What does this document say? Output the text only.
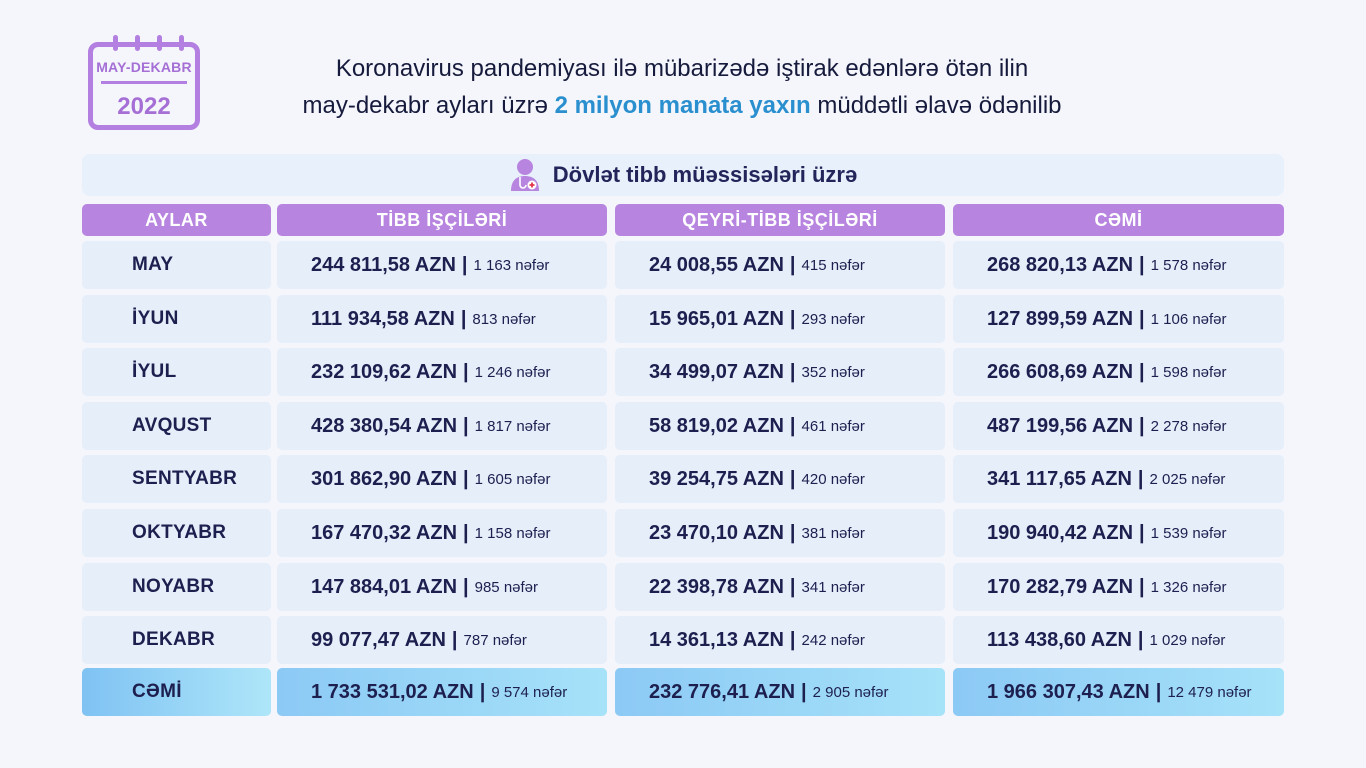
MAY-DEKABR
2022
Koronavirus pandemiyası ilə mübarizədə iştirak edənlərə ötən ilin
may-dekabr ayları üzrə 2 milyon manata yaxın müddətli əlavə ödənilib
Dövlət tibb müəssisələri üzrə
AYLAR	TİBB İŞÇİLƏRİ	QEYRİ-TİBB İŞÇİLƏRİ	CƏMİ
MAY	244 811,58 AZN | 1 163 nəfər	24 008,55 AZN | 415 nəfər	268 820,13 AZN | 1 578 nəfər
İYUN	111 934,58 AZN | 813 nəfər	15 965,01 AZN | 293 nəfər	127 899,59 AZN | 1 106 nəfər
İYUL	232 109,62 AZN | 1 246 nəfər	34 499,07 AZN | 352 nəfər	266 608,69 AZN | 1 598 nəfər
AVQUST	428 380,54 AZN | 1 817 nəfər	58 819,02 AZN | 461 nəfər	487 199,56 AZN | 2 278 nəfər
SENTYABR	301 862,90 AZN | 1 605 nəfər	39 254,75 AZN | 420 nəfər	341 117,65 AZN | 2 025 nəfər
OKTYABR	167 470,32 AZN | 1 158 nəfər	23 470,10 AZN | 381 nəfər	190 940,42 AZN | 1 539 nəfər
NOYABR	147 884,01 AZN | 985 nəfər	22 398,78 AZN | 341 nəfər	170 282,79 AZN | 1 326 nəfər
DEKABR	99 077,47 AZN | 787 nəfər	14 361,13 AZN | 242 nəfər	113 438,60 AZN | 1 029 nəfər
CƏMİ	1 733 531,02 AZN | 9 574 nəfər	232 776,41 AZN | 2 905 nəfər	1 966 307,43 AZN | 12 479 nəfər
